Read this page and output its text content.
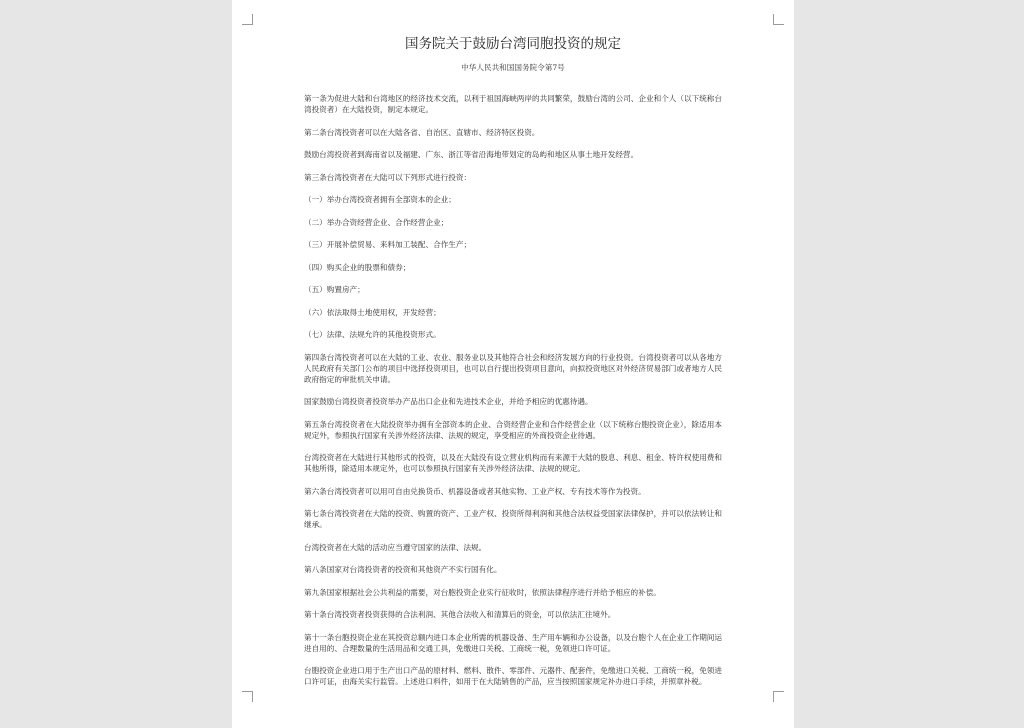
国务院关于鼓励台湾同胞投资的规定
中华人民共和国国务院令第7号

第一条为促进大陆和台湾地区的经济技术交流，以利于祖国海峡两岸的共同繁荣，鼓励台湾的公司、企业和个人（以下统称台湾投资者）在大陆投资，制定本规定。

第二条台湾投资者可以在大陆各省、自治区、直辖市、经济特区投资。

鼓励台湾投资者到海南省以及福建、广东、浙江等省沿海地带划定的岛屿和地区从事土地开发经营。

第三条台湾投资者在大陆可以下列形式进行投资：

（一）举办台湾投资者拥有全部资本的企业；

（二）举办合资经营企业、合作经营企业；

（三）开展补偿贸易、来料加工装配、合作生产；

（四）购买企业的股票和债券；

（五）购置房产；

（六）依法取得土地使用权，开发经营；

（七）法律、法规允许的其他投资形式。

第四条台湾投资者可以在大陆的工业、农业、服务业以及其他符合社会和经济发展方向的行业投资。台湾投资者可以从各地方人民政府有关部门公布的项目中选择投资项目，也可以自行提出投资项目意向，向拟投资地区对外经济贸易部门或者地方人民政府指定的审批机关申请。

国家鼓励台湾投资者投资举办产品出口企业和先进技术企业，并给予相应的优惠待遇。

第五条台湾投资者在大陆投资举办拥有全部资本的企业、合资经营企业和合作经营企业（以下统称台胞投资企业），除适用本规定外，参照执行国家有关涉外经济法律、法规的规定，享受相应的外商投资企业待遇。

台湾投资者在大陆进行其他形式的投资，以及在大陆没有设立营业机构而有来源于大陆的股息、利息、租金、特许权使用费和其他所得，除适用本规定外，也可以参照执行国家有关涉外经济法律、法规的规定。

第六条台湾投资者可以用可自由兑换货币、机器设备或者其他实物、工业产权、专有技术等作为投资。

第七条台湾投资者在大陆的投资、购置的资产、工业产权、投资所得利润和其他合法权益受国家法律保护，并可以依法转让和继承。

台湾投资者在大陆的活动应当遵守国家的法律、法规。

第八条国家对台湾投资者的投资和其他资产不实行国有化。

第九条国家根据社会公共利益的需要，对台胞投资企业实行征收时，依照法律程序进行并给予相应的补偿。

第十条台湾投资者投资获得的合法利润、其他合法收入和清算后的资金，可以依法汇往境外。

第十一条台胞投资企业在其投资总额内进口本企业所需的机器设备、生产用车辆和办公设备，以及台胞个人在企业工作期间运进自用的、合理数量的生活用品和交通工具，免缴进口关税、工商统一税，免领进口许可证。

台胞投资企业进口用于生产出口产品的原材料、燃料、散件、零部件、元器件、配套件，免缴进口关税、工商统一税，免领进口许可证，由海关实行监管。上述进口料件，如用于在大陆销售的产品，应当按照国家规定补办进口手续，并照章补税。
